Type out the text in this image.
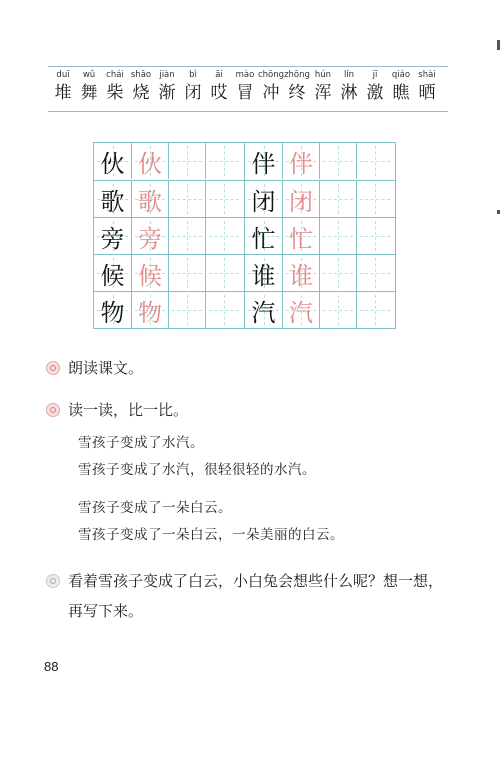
duī
堆
wǔ
舞
chái
柴
shāo
烧
jiàn
渐
bì
闭
āi
哎
mào
冒
chōng
冲
zhōng
终
hún
浑
lín
淋
jī
激
qiáo
瞧
shài
晒
伙 伙
歌 歌
旁 旁
候 候
物 物
伴 伴
闭 闭
忙 忙
谁 谁
汽 汽
朗读课文。
读一读，比一比。
雪孩子变成了水汽。
雪孩子变成了水汽，很轻很轻的水汽。
雪孩子变成了一朵白云。
雪孩子变成了一朵白云，一朵美丽的白云。
看着雪孩子变成了白云，小白兔会想些什么呢？想一想，再写下来。
88
